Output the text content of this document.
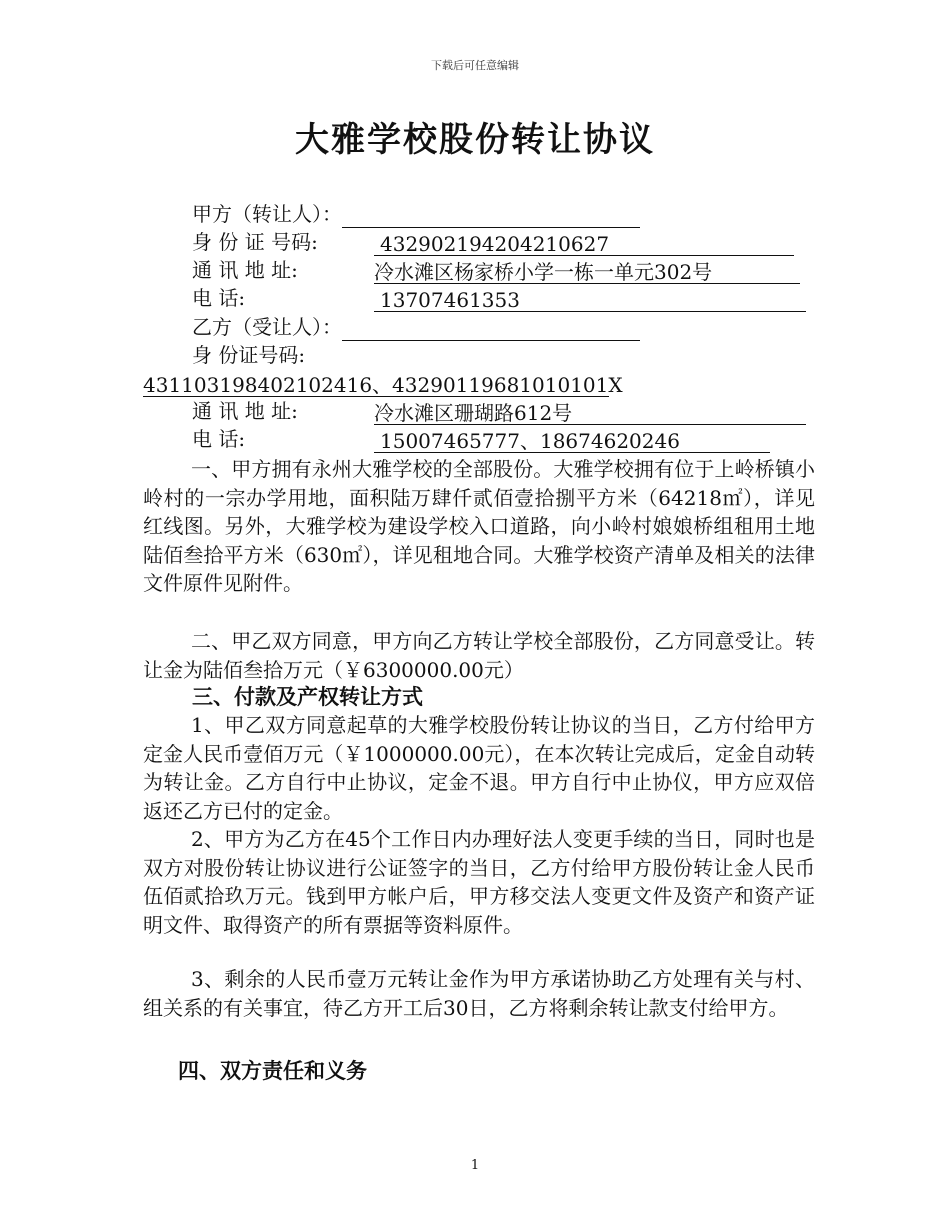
下载后可任意编辑
大雅学校股份转让协议
甲方（转让人）：
身 份 证 号码:	432902194204210627
通 讯 地 址:	冷水滩区杨家桥小学一栋一单元302号
电 话:	13707461353
乙方（受让人）：
身 份证号码:
431103198402102416、43290119681010101X
通 讯 地 址:	冷水滩区珊瑚路612号
电 话:	15007465777、18674620246
一、甲方拥有永州大雅学校的全部股份。大雅学校拥有位于上岭桥镇小岭村的一宗办学用地，面积陆万肆仟贰佰壹拾捌平方米（64218㎡），详见红线图。另外，大雅学校为建设学校入口道路，向小岭村娘娘桥组租用土地陆佰叁拾平方米（630㎡），详见租地合同。大雅学校资产清单及相关的法律文件原件见附件。
二、甲乙双方同意，甲方向乙方转让学校全部股份，乙方同意受让。转让金为陆佰叁拾万元（￥6300000.00元）
三、付款及产权转让方式
1、甲乙双方同意起草的大雅学校股份转让协议的当日，乙方付给甲方定金人民币壹佰万元（￥1000000.00元），在本次转让完成后，定金自动转为转让金。乙方自行中止协议，定金不退。甲方自行中止协仪，甲方应双倍返还乙方已付的定金。
2、甲方为乙方在45个工作日内办理好法人变更手续的当日，同时也是双方对股份转让协议进行公证签字的当日，乙方付给甲方股份转让金人民币伍佰贰拾玖万元。钱到甲方帐户后，甲方移交法人变更文件及资产和资产证明文件、取得资产的所有票据等资料原件。
3、剩余的人民币壹万元转让金作为甲方承诺协助乙方处理有关与村、组关系的有关事宜，待乙方开工后30日，乙方将剩余转让款支付给甲方。
四、双方责任和义务
1
